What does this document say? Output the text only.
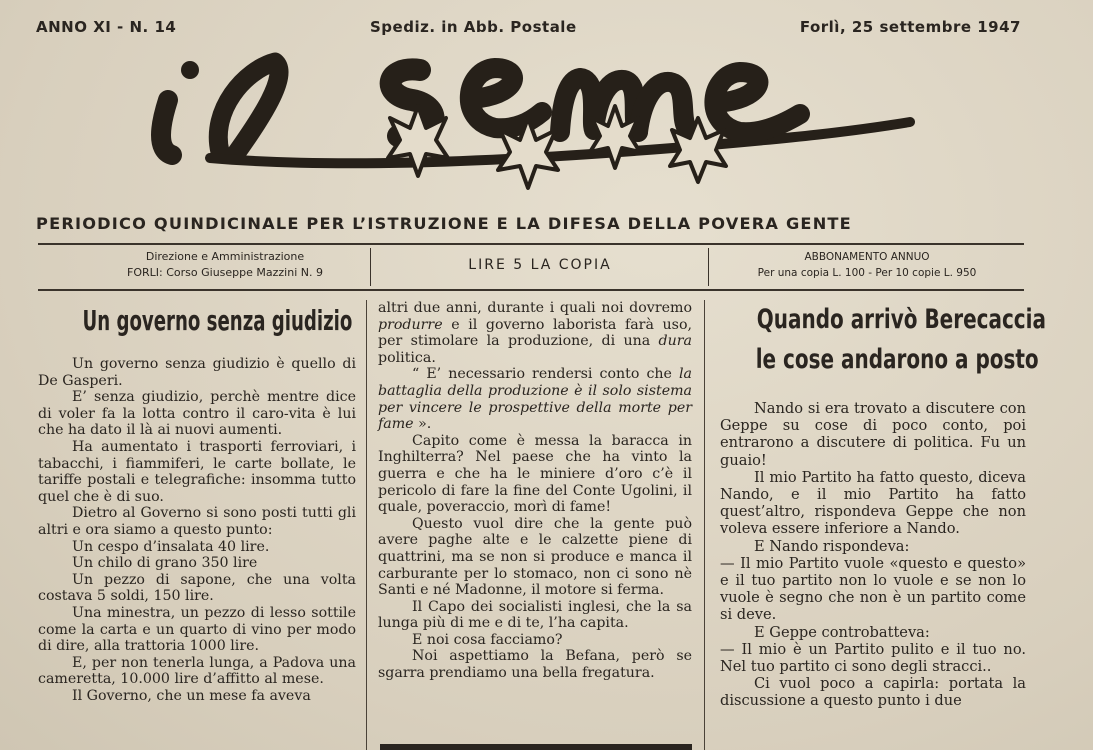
ANNO XI - N. 14	Spediz. in Abb. Postale	Forlì, 25 settembre 1947
il seme
PERIODICO QUINDICINALE PER L’ISTRUZIONE E LA DIFESA DELLA POVERA GENTE
Direzione e Amministrazione
FORLI: Corso Giuseppe Mazzini N. 9	LIRE 5 LA COPIA	ABBONAMENTO ANNUO
Per una copia L. 100 - Per 10 copie L. 950
Un governo senza giudizio

Un governo senza giudizio è quello di De Gasperi.

E’ senza giudizio, perchè mentre dice di voler fa la lotta contro il caro-vita è lui che ha dato il là ai nuovi aumenti.

Ha aumentato i trasporti ferroviari, i tabacchi, i fiammiferi, le carte bollate, le tariffe postali e telegrafiche: insomma tutto quel che è di suo.

Dietro al Governo si sono posti tutti gli altri e ora siamo a questo punto:

Un cespo d’insalata 40 lire.

Un chilo di grano 350 lire

Un pezzo di sapone, che una volta costava 5 soldi, 150 lire.

Una minestra, un pezzo di lesso sottile come la carta e un quarto di vino per modo di dire, alla trattoria 1000 lire.

E, per non tenerla lunga, a Padova una cameretta, 10.000 lire d’affitto al mese.

Il Governo, che un mese fa aveva

altri due anni, durante i quali noi dovremo produrre e il governo laborista farà uso, per stimolare la produzione, di una dura politica.

“ E’ necessario rendersi conto che la battaglia della produzione è il solo sistema per vincere le prospettive della morte per fame ».

Capito come è messa la baracca in Inghilterra? Nel paese che ha vinto la guerra e che ha le miniere d’oro c’è il pericolo di fare la fine del Conte Ugolini, il quale, poveraccio, morì di fame!

Questo vuol dire che la gente può avere paghe alte e le calzette piene di quattrini, ma se non si produce e manca il carburante per lo stomaco, non ci sono nè Santi e né Madonne, il motore si ferma.

Il Capo dei socialisti inglesi, che la sa lunga più di me e di te, l’ha capita.

E noi cosa facciamo?

Noi aspettiamo la Befana, però se sgarra prendiamo una bella fregatura.

Quando arrivò Berecaccia
le cose andarono a posto

Nando si era trovato a discutere con Geppe su cose di poco conto, poi entrarono a discutere di politica. Fu un guaio!

Il mio Partito ha fatto questo, diceva Nando, e il mio Partito ha fatto quest’altro, rispondeva Geppe che non voleva essere inferiore a Nando.

E Nando rispondeva:

— Il mio Partito vuole «questo e questo» e il tuo partito non lo vuole e se non lo vuole è segno che non è un partito come si deve.

E Geppe controbatteva:

— Il mio è un Partito pulito e il tuo no. Nel tuo partito ci sono degli stracci..

Ci vuol poco a capirla: portata la discussione a questo punto i due
